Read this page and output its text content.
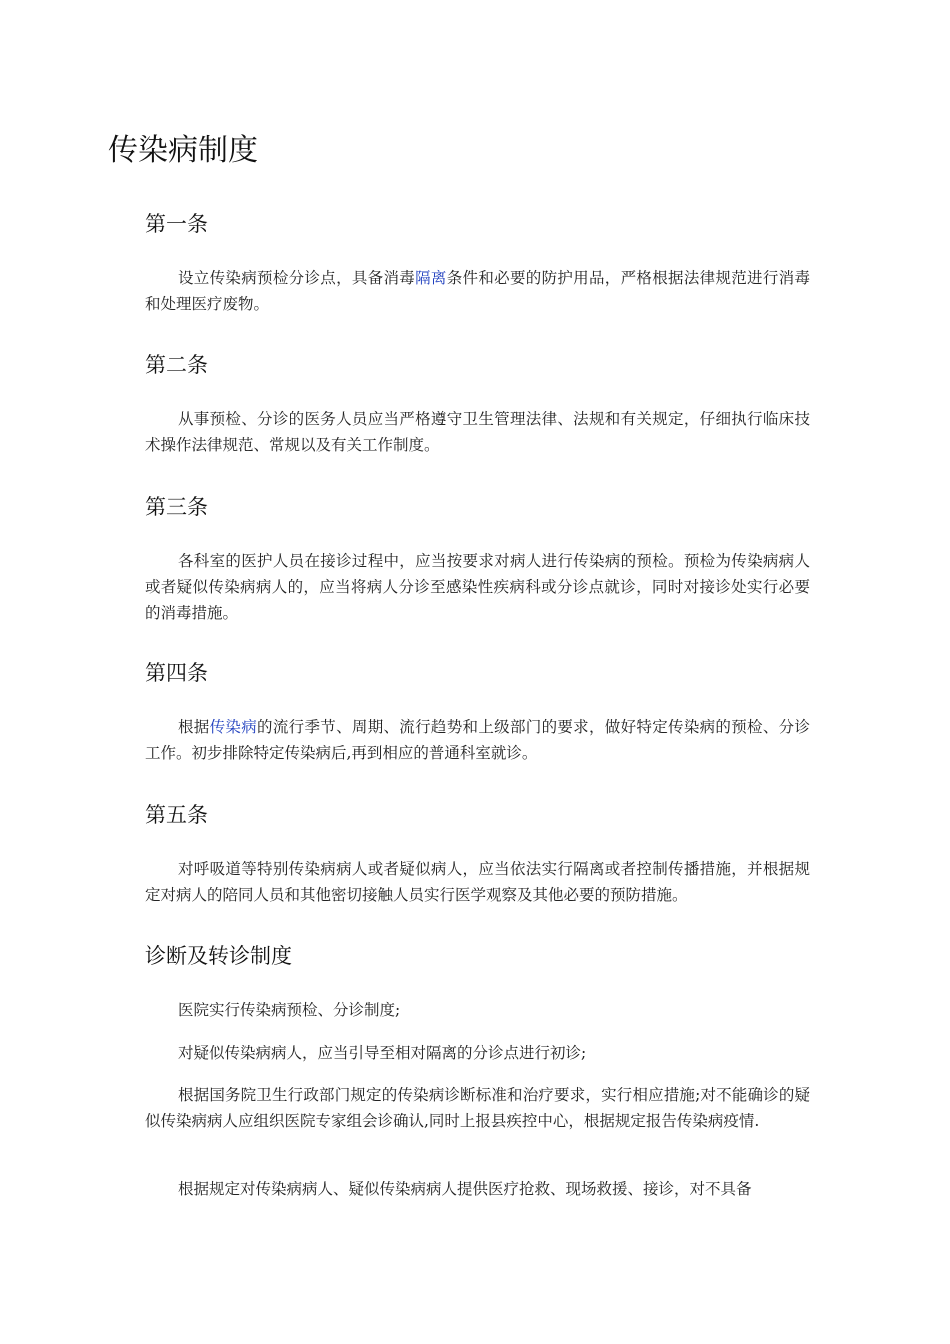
传染病制度
第一条

设立传染病预检分诊点，具备消毒隔离条件和必要的防护用品，严格根据法律规范进行消毒和处理医疗废物。

第二条

从事预检、分诊的医务人员应当严格遵守卫生管理法律、法规和有关规定，仔细执行临床技术操作法律规范、常规以及有关工作制度。

第三条

各科室的医护人员在接诊过程中，应当按要求对病人进行传染病的预检。预检为传染病病人或者疑似传染病病人的，应当将病人分诊至感染性疾病科或分诊点就诊，同时对接诊处实行必要的消毒措施。

第四条

根据传染病的流行季节、周期、流行趋势和上级部门的要求，做好特定传染病的预检、分诊工作。初步排除特定传染病后,再到相应的普通科室就诊。

第五条

对呼吸道等特别传染病病人或者疑似病人，应当依法实行隔离或者控制传播措施，并根据规定对病人的陪同人员和其他密切接触人员实行医学观察及其他必要的预防措施。

诊断及转诊制度

医院实行传染病预检、分诊制度;

对疑似传染病病人，应当引导至相对隔离的分诊点进行初诊;

根据国务院卫生行政部门规定的传染病诊断标准和治疗要求，实行相应措施;对不能确诊的疑似传染病病人应组织医院专家组会诊确认,同时上报县疾控中心，根据规定报告传染病疫情.

根据规定对传染病病人、疑似传染病病人提供医疗抢救、现场救援、接诊，对不具备
